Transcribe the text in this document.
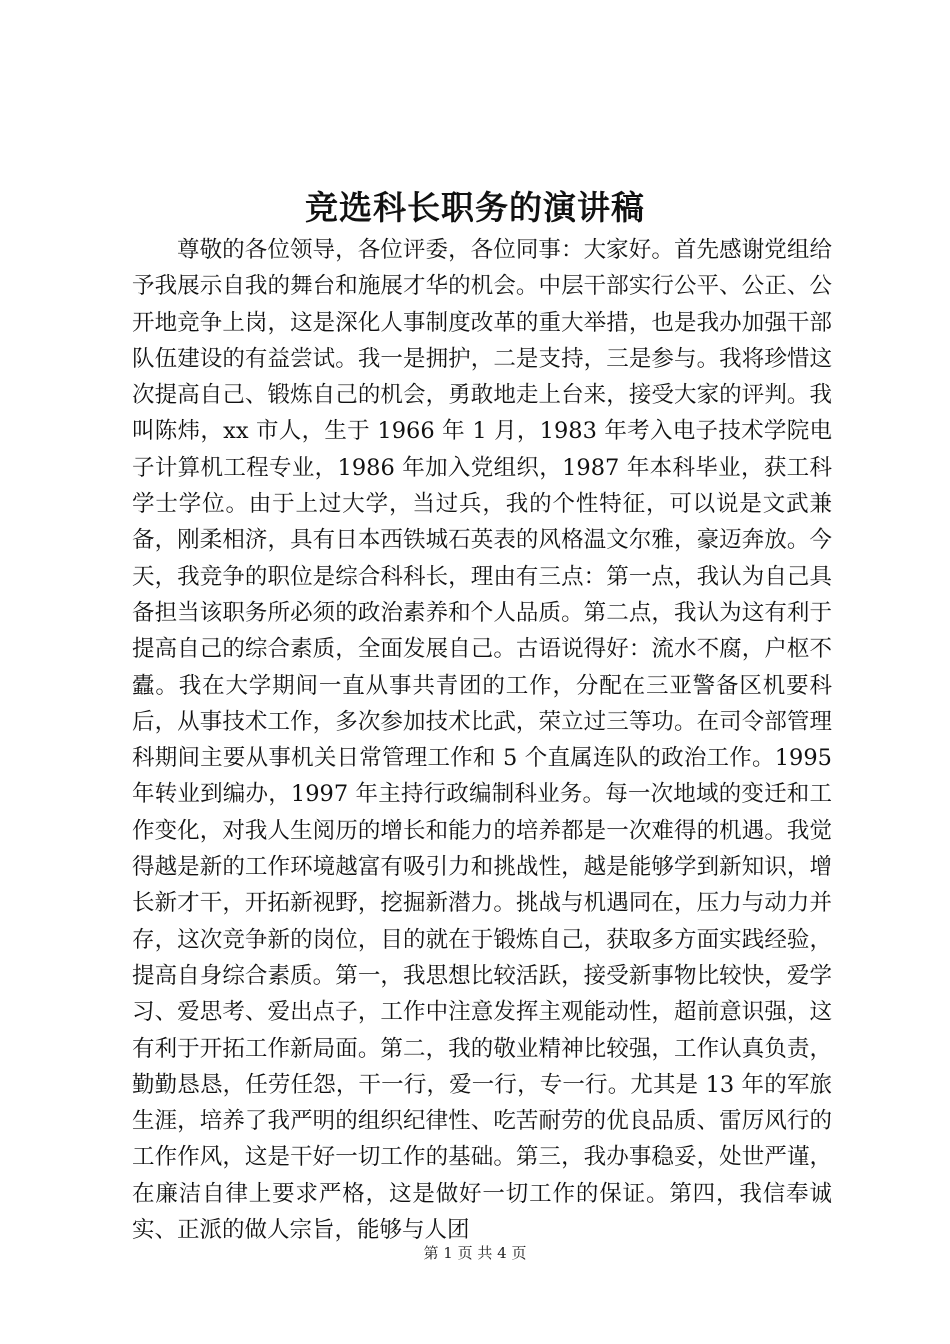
竞选科长职务的演讲稿

尊敬的各位领导，各位评委，各位同事：大家好。首先感谢党组给予我展示自我的舞台和施展才华的机会。中层干部实行公平、公正、公开地竞争上岗，这是深化人事制度改革的重大举措，也是我办加强干部队伍建设的有益尝试。我一是拥护，二是支持，三是参与。我将珍惜这次提高自己、锻炼自己的机会，勇敢地走上台来，接受大家的评判。我叫陈炜，xx 市人，生于 1966 年 1 月，1983 年考入电子技术学院电子计算机工程专业，1986 年加入党组织，1987 年本科毕业，获工科学士学位。由于上过大学，当过兵，我的个性特征，可以说是文武兼备，刚柔相济，具有日本西铁城石英表的风格温文尔雅，豪迈奔放。今天，我竞争的职位是综合科科长，理由有三点：第一点，我认为自己具备担当该职务所必须的政治素养和个人品质。第二点，我认为这有利于提高自己的综合素质，全面发展自己。古语说得好：流水不腐，户枢不蠹。我在大学期间一直从事共青团的工作，分配在三亚警备区机要科后，从事技术工作，多次参加技术比武，荣立过三等功。在司令部管理科期间主要从事机关日常管理工作和 5 个直属连队的政治工作。1995 年转业到编办，1997 年主持行政编制科业务。每一次地域的变迁和工作变化，对我人生阅历的增长和能力的培养都是一次难得的机遇。我觉得越是新的工作环境越富有吸引力和挑战性，越是能够学到新知识，增长新才干，开拓新视野，挖掘新潜力。挑战与机遇同在，压力与动力并存，这次竞争新的岗位，目的就在于锻炼自己，获取多方面实践经验，提高自身综合素质。第一，我思想比较活跃，接受新事物比较快，爱学习、爱思考、爱出点子，工作中注意发挥主观能动性，超前意识强，这有利于开拓工作新局面。第二，我的敬业精神比较强，工作认真负责，勤勤恳恳，任劳任怨，干一行，爱一行，专一行。尤其是 13 年的军旅生涯，培养了我严明的组织纪律性、吃苦耐劳的优良品质、雷厉风行的工作作风，这是干好一切工作的基础。第三，我办事稳妥，处世严谨，在廉洁自律上要求严格，这是做好一切工作的保证。第四，我信奉诚实、正派的做人宗旨，能够与人团

第 1 页 共 4 页
